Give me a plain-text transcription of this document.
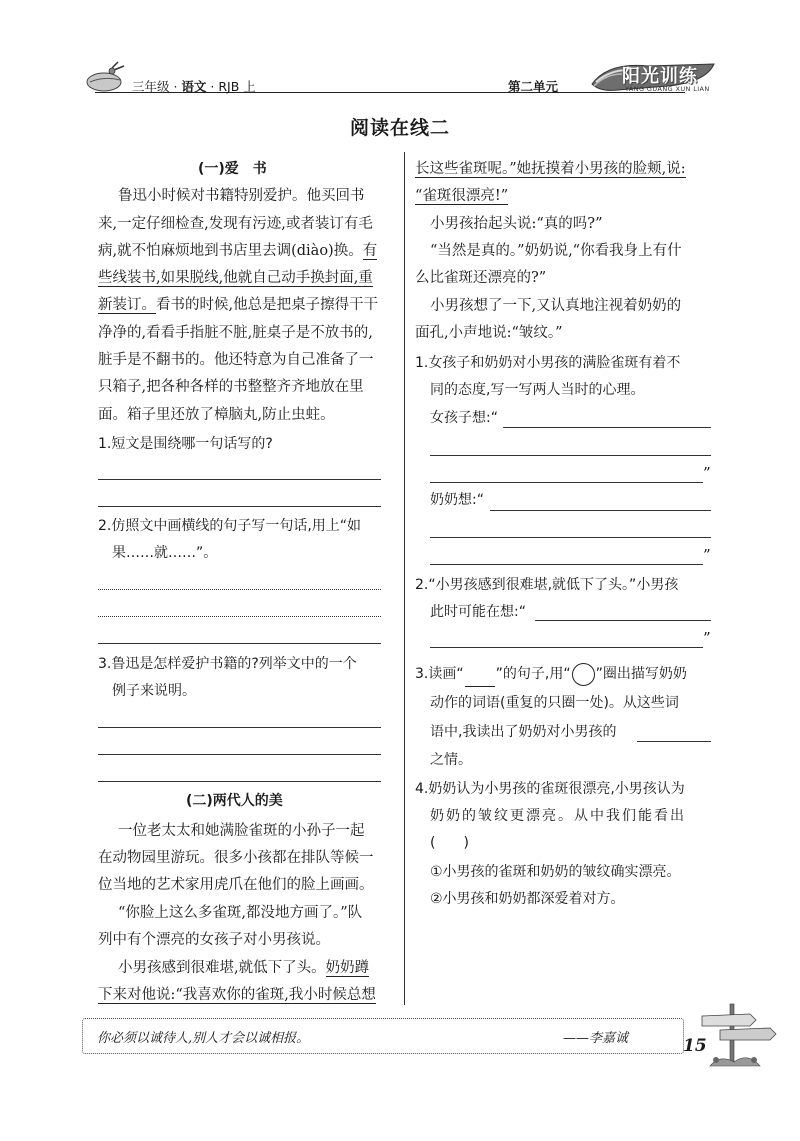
三年级 · 语文 · RJB 上	第二单元	阳光训练
YANG GUANG XUN LIAN
阅读在线二
(一)爱　书
鲁迅小时候对书籍特别爱护。他买回书
来,一定仔细检查,发现有污迹,或者装订有毛
病,就不怕麻烦地到书店里去调(diào)换。有
些线装书,如果脱线,他就自己动手换封面,重
新装订。看书的时候,他总是把桌子擦得干干
净净的,看看手指脏不脏,脏桌子是不放书的,
脏手是不翻书的。他还特意为自己准备了一
只箱子,把各种各样的书整整齐齐地放在里
面。箱子里还放了樟脑丸,防止虫蛀。
1.短文是围绕哪一句话写的?
2.仿照文中画横线的句子写一句话,用上“如
果……就……”。
3.鲁迅是怎样爱护书籍的?列举文中的一个
例子来说明。
(二)两代人的美
一位老太太和她满脸雀斑的小孙子一起
在动物园里游玩。很多小孩都在排队等候一
位当地的艺术家用虎爪在他们的脸上画画。
“你脸上这么多雀斑,都没地方画了。”队
列中有个漂亮的女孩子对小男孩说。
小男孩感到很难堪,就低下了头。奶奶蹲
下来对他说:“我喜欢你的雀斑,我小时候总想
长这些雀斑呢。”她抚摸着小男孩的脸颊,说:
“雀斑很漂亮!”
小男孩抬起头说:“真的吗?”
“当然是真的。”奶奶说,“你看我身上有什
么比雀斑还漂亮的?”
小男孩想了一下,又认真地注视着奶奶的
面孔,小声地说:“皱纹。”
1.女孩子和奶奶对小男孩的满脸雀斑有着不
同的态度,写一写两人当时的心理。
女孩子想:“
”
奶奶想:“
”
2.“小男孩感到很难堪,就低下了头。”小男孩
此时可能在想:“
”
3.读画“ ”的句子,用“ ”圈出描写奶奶
动作的词语(重复的只圈一处)。从这些词
语中,我读出了奶奶对小男孩的
之情。
4.奶奶认为小男孩的雀斑很漂亮,小男孩认为
奶奶的皱纹更漂亮。从中我们能看出
(　　)
①小男孩的雀斑和奶奶的皱纹确实漂亮。
②小男孩和奶奶都深爱着对方。
你必须以诚待人,别人才会以诚相报。	——李嘉诚	15
